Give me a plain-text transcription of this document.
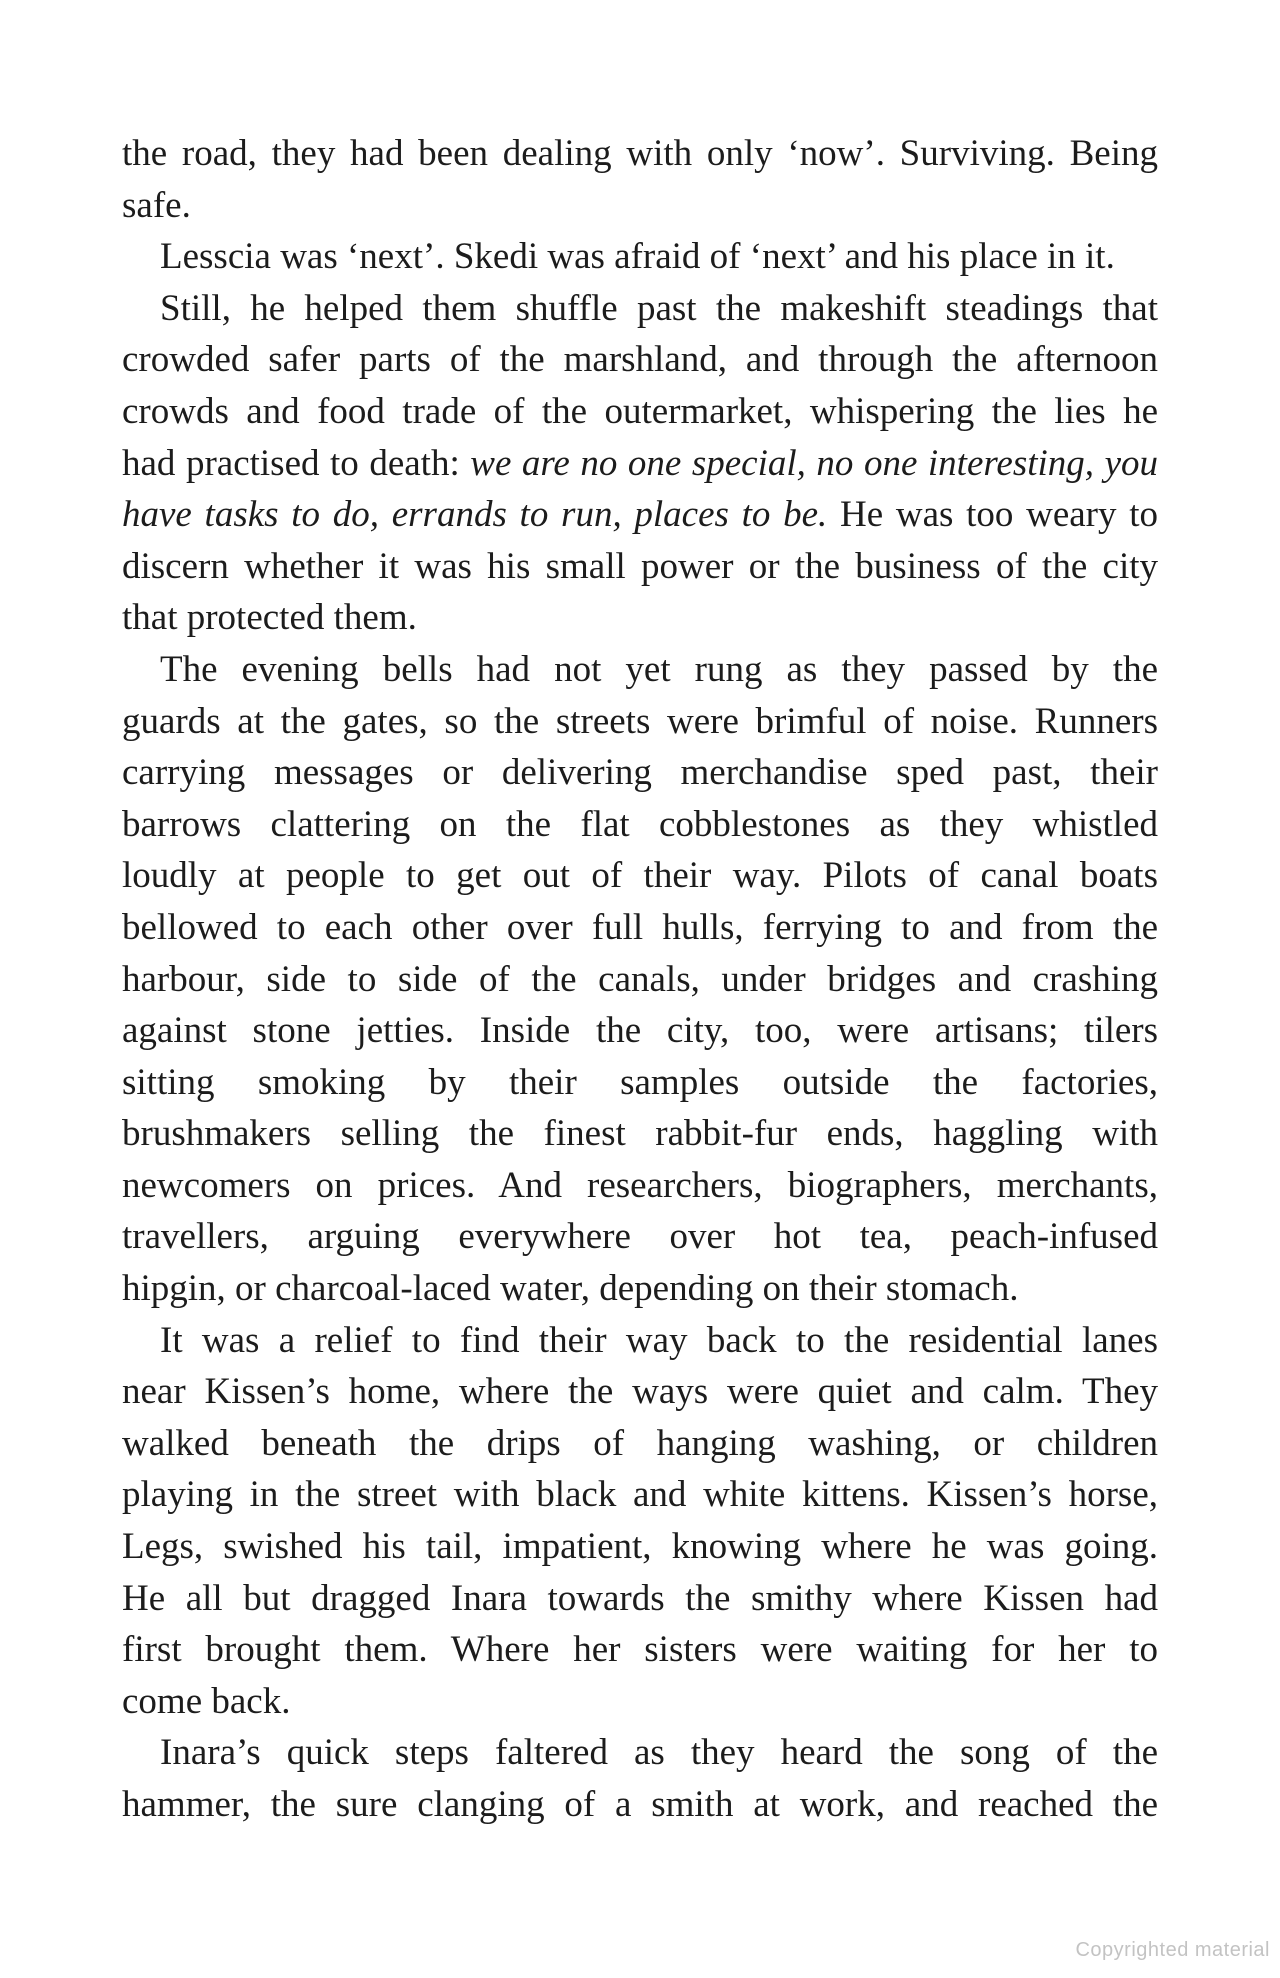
the road, they had been dealing with only ‘now’. Surviving. Being
safe.
Lesscia was ‘next’. Skedi was afraid of ‘next’ and his place in it.
Still, he helped them shuffle past the makeshift steadings that
crowded safer parts of the marshland, and through the afternoon
crowds and food trade of the outermarket, whispering the lies he
had practised to death: we are no one special, no one interesting, you
have tasks to do, errands to run, places to be. He was too weary to
discern whether it was his small power or the business of the city
that protected them.
The evening bells had not yet rung as they passed by the
guards at the gates, so the streets were brimful of noise. Runners
carrying messages or delivering merchandise sped past, their
barrows clattering on the flat cobblestones as they whistled
loudly at people to get out of their way. Pilots of canal boats
bellowed to each other over full hulls, ferrying to and from the
harbour, side to side of the canals, under bridges and crashing
against stone jetties. Inside the city, too, were artisans; tilers
sitting smoking by their samples outside the factories,
brushmakers selling the finest rabbit-fur ends, haggling with
newcomers on prices. And researchers, biographers, merchants,
travellers, arguing everywhere over hot tea, peach-infused
hipgin, or charcoal-laced water, depending on their stomach.
It was a relief to find their way back to the residential lanes
near Kissen’s home, where the ways were quiet and calm. They
walked beneath the drips of hanging washing, or children
playing in the street with black and white kittens. Kissen’s horse,
Legs, swished his tail, impatient, knowing where he was going.
He all but dragged Inara towards the smithy where Kissen had
first brought them. Where her sisters were waiting for her to
come back.
Inara’s quick steps faltered as they heard the song of the
hammer, the sure clanging of a smith at work, and reached the
Copyrighted material
